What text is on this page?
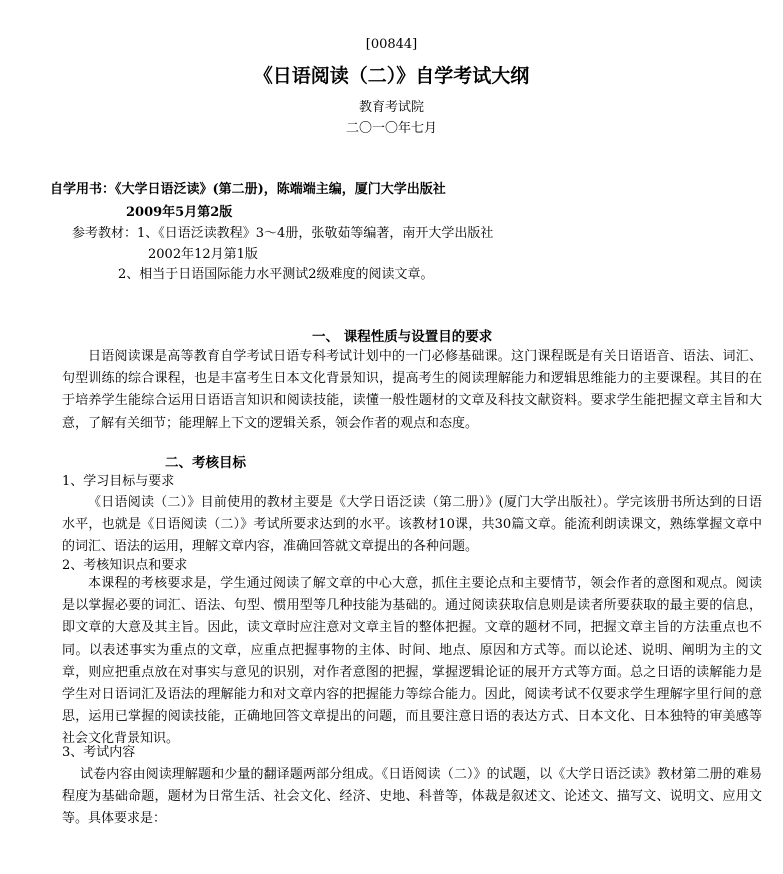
[00844]
《日语阅读（二）》自学考试大纲
教育考试院
二〇一〇年七月
自学用书：《大学日语泛读》(第二册)，陈端端主编，厦门大学出版社
2009年5月第2版
参考教材：1、《日语泛读教程》3～4册，张敬茹等编著，南开大学出版社
2002年12月第1版
2、相当于日语国际能力水平测试2级难度的阅读文章。
一、 课程性质与设置目的要求
日语阅读课是高等教育自学考试日语专科考试计划中的一门必修基础课。这门课程既是有关日语语音、语法、词汇、句型训练的综合课程，也是丰富考生日本文化背景知识，提高考生的阅读理解能力和逻辑思维能力的主要课程。其目的在于培养学生能综合运用日语语言知识和阅读技能，读懂一般性题材的文章及科技文献资料。要求学生能把握文章主旨和大意，了解有关细节；能理解上下文的逻辑关系，领会作者的观点和态度。
二、考核目标
1、学习目标与要求
《日语阅读（二）》目前使用的教材主要是《大学日语泛读（第二册）》(厦门大学出版社）。学完该册书所达到的日语水平，也就是《日语阅读（二）》考试所要求达到的水平。该教材10课，共30篇文章。能流利朗读课文，熟练掌握文章中的词汇、语法的运用，理解文章内容，准确回答就文章提出的各种问题。
2、考核知识点和要求
本课程的考核要求是，学生通过阅读了解文章的中心大意，抓住主要论点和主要情节，领会作者的意图和观点。阅读是以掌握必要的词汇、语法、句型、惯用型等几种技能为基础的。通过阅读获取信息则是读者所要获取的最主要的信息，即文章的大意及其主旨。因此，读文章时应注意对文章主旨的整体把握。文章的题材不同，把握文章主旨的方法重点也不同。以表述事实为重点的文章，应重点把握事物的主体、时间、地点、原因和方式等。而以论述、说明、阐明为主的文章，则应把重点放在对事实与意见的识别，对作者意图的把握，掌握逻辑论证的展开方式等方面。总之日语的读解能力是学生对日语词汇及语法的理解能力和对文章内容的把握能力等综合能力。因此，阅读考试不仅要求学生理解字里行间的意思，运用已掌握的阅读技能，正确地回答文章提出的问题，而且要注意日语的表达方式、日本文化、日本独特的审美感等社会文化背景知识。
3、考试内容
试卷内容由阅读理解题和少量的翻译题两部分组成。《日语阅读（二）》的试题，以《大学日语泛读》教材第二册的难易程度为基础命题，题材为日常生活、社会文化、经济、史地、科普等，体裁是叙述文、论述文、描写文、说明文、应用文等。具体要求是：
